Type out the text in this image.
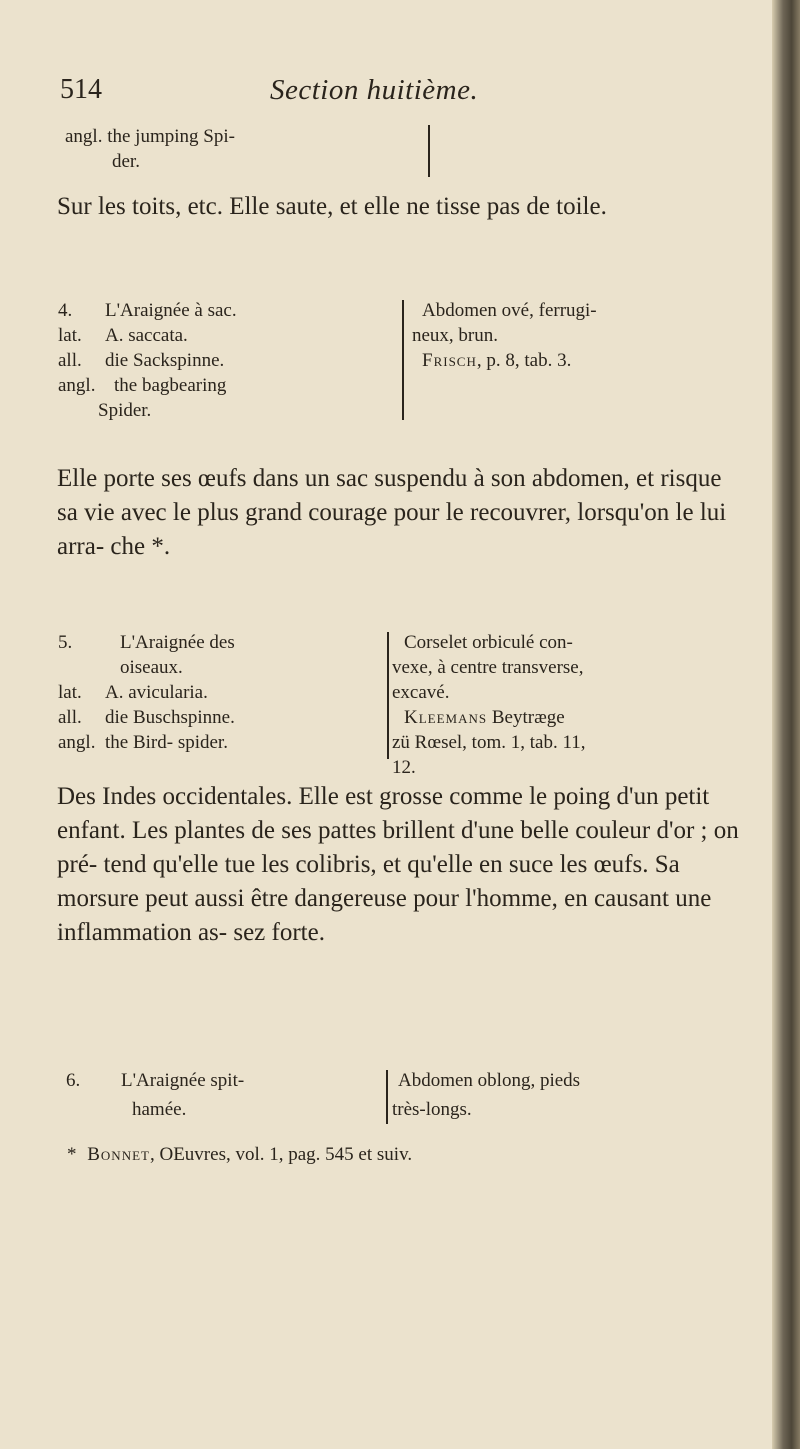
514	Section huitième.
angl. the jumping Spi-
der.
Sur les toits, etc. Elle saute, et elle ne tisse pas de toile.
4. L'Araignée à sac.
lat. A. saccata.
all. die Sackspinne.
angl. the bagbearing
Spider.
Abdomen ové, ferrugi-
neux, brun.
Frisch, p. 8, tab. 3.
Elle porte ses œufs dans un sac suspendu à son abdomen, et risque sa vie avec le plus grand courage pour le recouvrer, lorsqu'on le lui arra- che *.
5.	L'Araignée des
oiseaux.
lat. A. avicularia.
all. die Buschspinne.
angl. the Bird- spider.
Corselet orbiculé con-
vexe, à centre transverse,
excavé.
Kleemans Beytræge
zü Rœsel, tom. 1, tab. 11,
12.
Des Indes occidentales. Elle est grosse comme le poing d'un petit enfant. Les plantes de ses pattes brillent d'une belle couleur d'or ; on pré- tend qu'elle tue les colibris, et qu'elle en suce les œufs. Sa morsure peut aussi être dangereuse pour l'homme, en causant une inflammation as- sez forte.
6. L'Araignée spit-
hamée.
Abdomen oblong, pieds
très-longs.
* Bonnet, OEuvres, vol. 1, pag. 545 et suiv.
